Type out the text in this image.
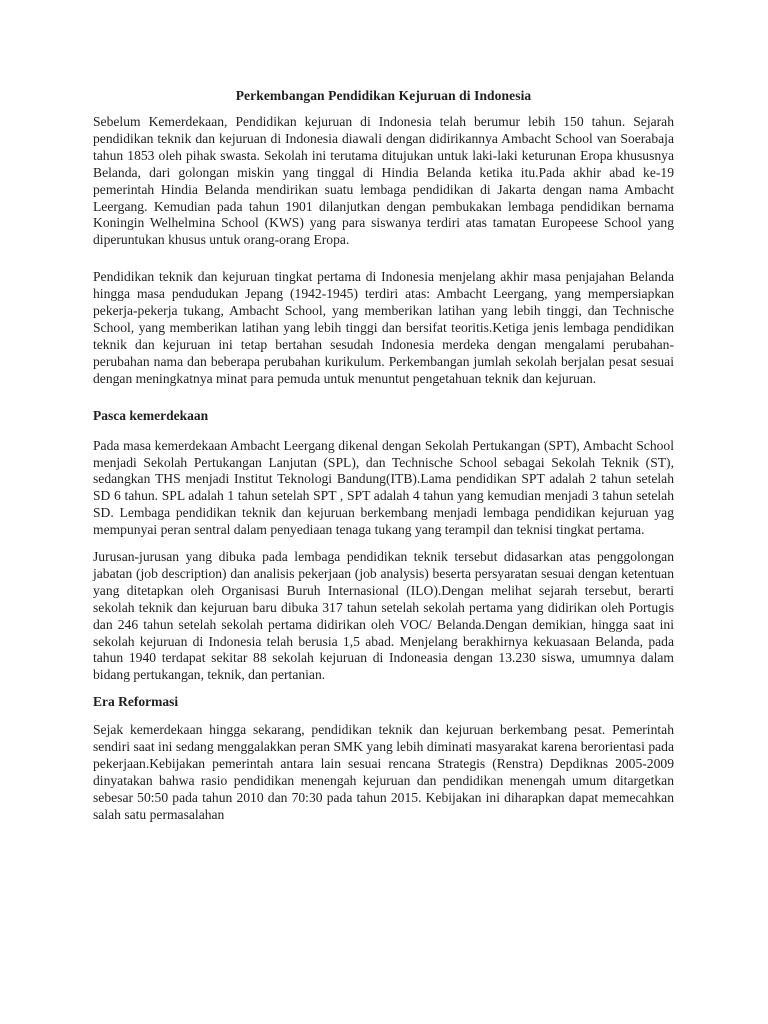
Perkembangan Pendidikan Kejuruan di Indonesia

Sebelum Kemerdekaan, Pendidikan kejuruan di Indonesia telah berumur lebih 150 tahun. Sejarah pendidikan teknik dan kejuruan di Indonesia diawali dengan didirikannya Ambacht School van Soerabaja tahun 1853 oleh pihak swasta. Sekolah ini terutama ditujukan untuk laki-laki keturunan Eropa khususnya Belanda, dari golongan miskin yang tinggal di Hindia Belanda ketika itu.Pada akhir abad ke-19 pemerintah Hindia Belanda mendirikan suatu lembaga pendidikan di Jakarta dengan nama Ambacht Leergang. Kemudian pada tahun 1901 dilanjutkan dengan pembukakan lembaga pendidikan bernama Koningin Welhelmina School (KWS) yang para siswanya terdiri atas tamatan Europeese School yang diperuntukan khusus untuk orang-orang Eropa.

Pendidikan teknik dan kejuruan tingkat pertama di Indonesia menjelang akhir masa penjajahan Belanda hingga masa pendudukan Jepang (1942-1945) terdiri atas: Ambacht Leergang, yang mempersiapkan pekerja-pekerja tukang, Ambacht School, yang memberikan latihan yang lebih tinggi, dan Technische School, yang memberikan latihan yang lebih tinggi dan bersifat teoritis.Ketiga jenis lembaga pendidikan teknik dan kejuruan ini tetap bertahan sesudah Indonesia merdeka dengan mengalami perubahan-perubahan nama dan beberapa perubahan kurikulum. Perkembangan jumlah sekolah berjalan pesat sesuai dengan meningkatnya minat para pemuda untuk menuntut pengetahuan teknik dan kejuruan.

Pasca kemerdekaan

Pada masa kemerdekaan Ambacht Leergang dikenal dengan Sekolah Pertukangan (SPT), Ambacht School menjadi Sekolah Pertukangan Lanjutan (SPL), dan Technische School sebagai Sekolah Teknik (ST), sedangkan THS menjadi Institut Teknologi Bandung(ITB).Lama pendidikan SPT adalah 2 tahun setelah SD 6 tahun. SPL adalah 1 tahun setelah SPT , SPT adalah 4 tahun yang kemudian menjadi 3 tahun setelah SD. Lembaga pendidikan teknik dan kejuruan berkembang menjadi lembaga pendidikan kejuruan yag mempunyai peran sentral dalam penyediaan tenaga tukang yang terampil dan teknisi tingkat pertama.

Jurusan-jurusan yang dibuka pada lembaga pendidikan teknik tersebut didasarkan atas penggolongan jabatan (job description) dan analisis pekerjaan (job analysis) beserta persyaratan sesuai dengan ketentuan yang ditetapkan oleh Organisasi Buruh Internasional (ILO).Dengan melihat sejarah tersebut, berarti sekolah teknik dan kejuruan baru dibuka 317 tahun setelah sekolah pertama yang didirikan oleh Portugis dan 246 tahun setelah sekolah pertama didirikan oleh VOC/ Belanda.Dengan demikian, hingga saat ini sekolah kejuruan di Indonesia telah berusia 1,5 abad. Menjelang berakhirnya kekuasaan Belanda, pada tahun 1940 terdapat sekitar 88 sekolah kejuruan di Indoneasia dengan 13.230 siswa, umumnya dalam bidang pertukangan, teknik, dan pertanian.

Era Reformasi

Sejak kemerdekaan hingga sekarang, pendidikan teknik dan kejuruan berkembang pesat. Pemerintah sendiri saat ini sedang menggalakkan peran SMK yang lebih diminati masyarakat karena berorientasi pada pekerjaan.Kebijakan pemerintah antara lain sesuai rencana Strategis (Renstra) Depdiknas 2005-2009 dinyatakan bahwa rasio pendidikan menengah kejuruan dan pendidikan menengah umum ditargetkan sebesar 50:50 pada tahun 2010 dan 70:30 pada tahun 2015. Kebijakan ini diharapkan dapat memecahkan salah satu permasalahan
